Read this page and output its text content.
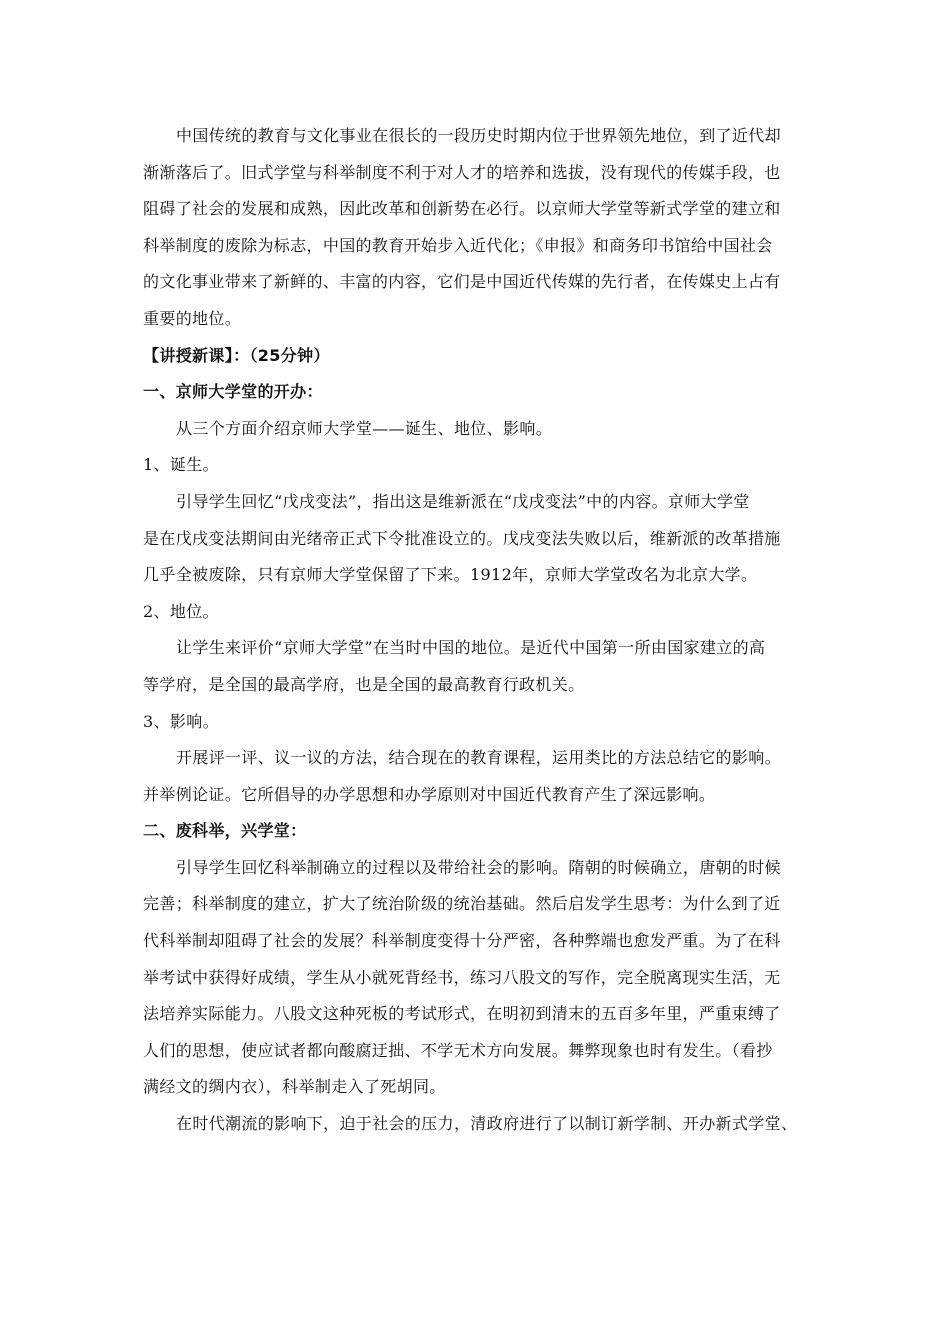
中国传统的教育与文化事业在很长的一段历史时期内位于世界领先地位，到了近代却
渐渐落后了。旧式学堂与科举制度不利于对人才的培养和选拔，没有现代的传媒手段，也
阻碍了社会的发展和成熟，因此改革和创新势在必行。以京师大学堂等新式学堂的建立和
科举制度的废除为标志，中国的教育开始步入近代化；《申报》和商务印书馆给中国社会
的文化事业带来了新鲜的、丰富的内容，它们是中国近代传媒的先行者，在传媒史上占有
重要的地位。
【讲授新课】：（25分钟）
一、京师大学堂的开办：
从三个方面介绍京师大学堂——诞生、地位、影响。
1、诞生。
引导学生回忆“戊戌变法”，指出这是维新派在“戊戌变法”中的内容。京师大学堂
是在戊戌变法期间由光绪帝正式下令批准设立的。戊戌变法失败以后，维新派的改革措施
几乎全被废除，只有京师大学堂保留了下来。1912年，京师大学堂改名为北京大学。
2、地位。
让学生来评价“京师大学堂”在当时中国的地位。是近代中国第一所由国家建立的高
等学府，是全国的最高学府，也是全国的最高教育行政机关。
3、影响。
开展评一评、议一议的方法，结合现在的教育课程，运用类比的方法总结它的影响。
并举例论证。它所倡导的办学思想和办学原则对中国近代教育产生了深远影响。
二、废科举，兴学堂：
引导学生回忆科举制确立的过程以及带给社会的影响。隋朝的时候确立，唐朝的时候
完善；科举制度的建立，扩大了统治阶级的统治基础。然后启发学生思考：为什么到了近
代科举制却阻碍了社会的发展？科举制度变得十分严密，各种弊端也愈发严重。为了在科
举考试中获得好成绩，学生从小就死背经书，练习八股文的写作，完全脱离现实生活，无
法培养实际能力。八股文这种死板的考试形式，在明初到清末的五百多年里，严重束缚了
人们的思想，使应试者都向酸腐迂拙、不学无术方向发展。舞弊现象也时有发生。（看抄
满经文的绸内衣），科举制走入了死胡同。
在时代潮流的影响下，迫于社会的压力，清政府进行了以制订新学制、开办新式学堂、
